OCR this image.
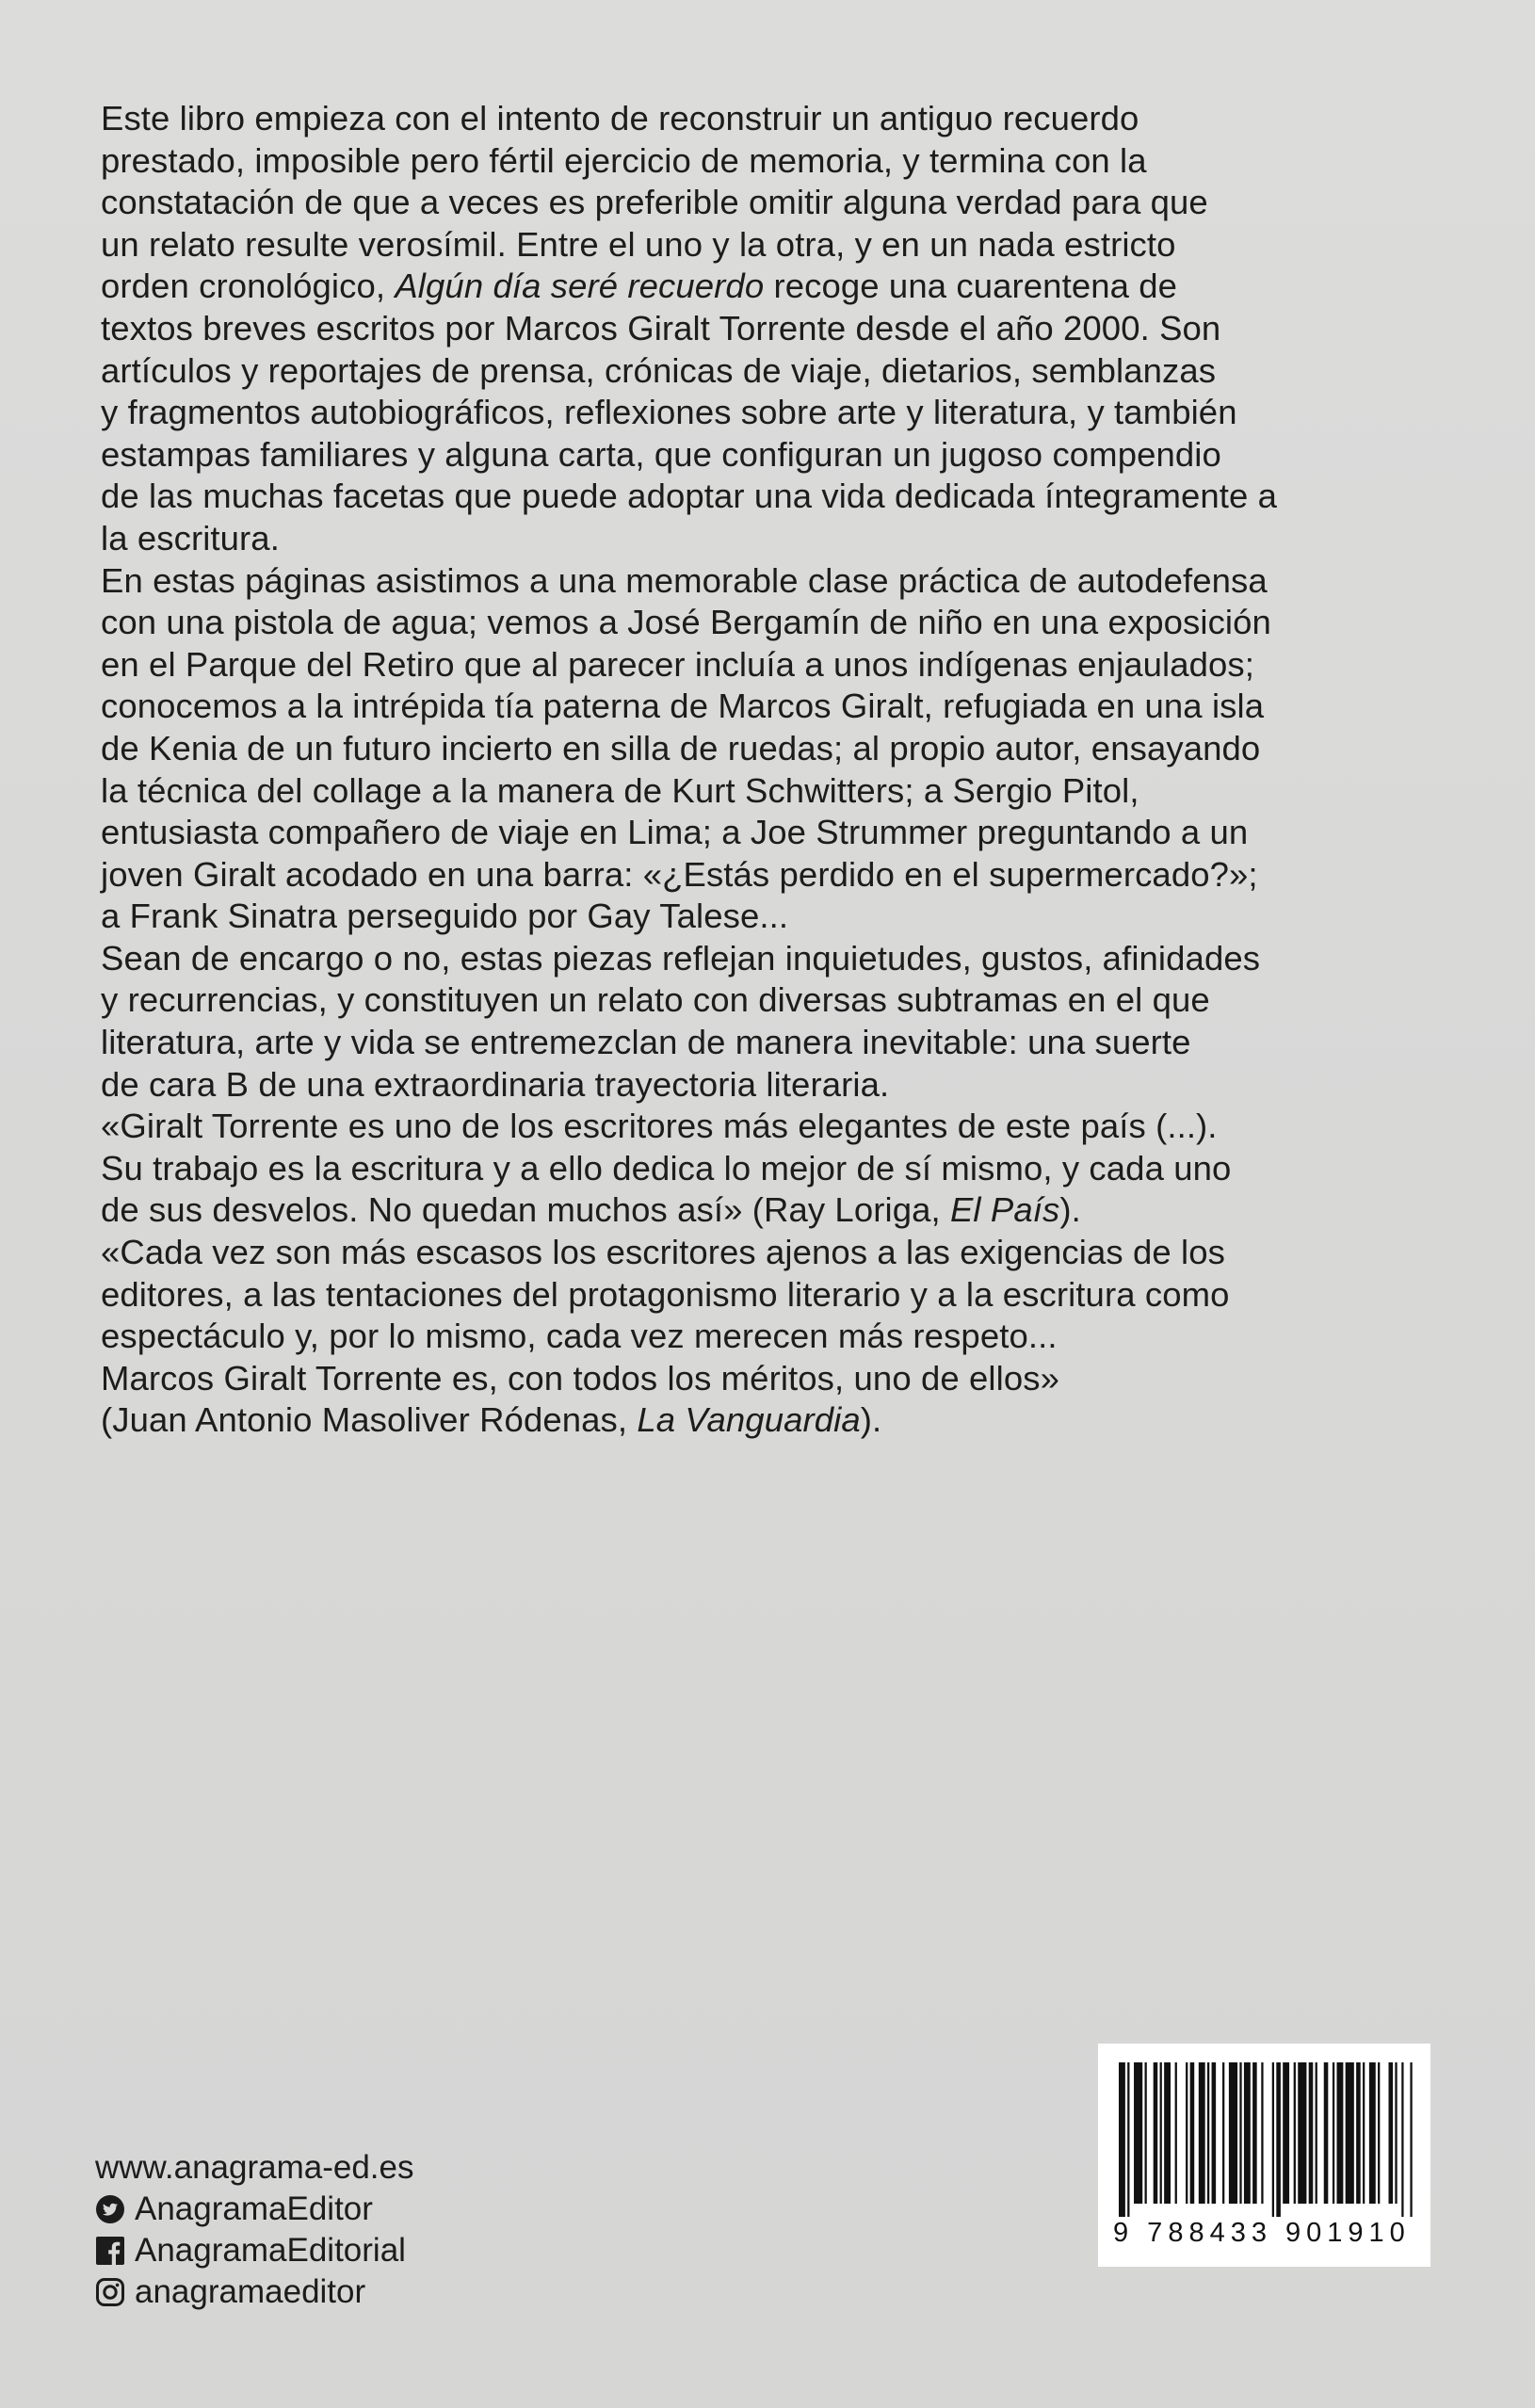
Este libro empieza con el intento de reconstruir un antiguo recuerdo
prestado, imposible pero fértil ejercicio de memoria, y termina con la
constatación de que a veces es preferible omitir alguna verdad para que
un relato resulte verosímil. Entre el uno y la otra, y en un nada estricto
orden cronológico, Algún día seré recuerdo recoge una cuarentena de
textos breves escritos por Marcos Giralt Torrente desde el año 2000. Son
artículos y reportajes de prensa, crónicas de viaje, dietarios, semblanzas
y fragmentos autobiográficos, reflexiones sobre arte y literatura, y también
estampas familiares y alguna carta, que configuran un jugoso compendio
de las muchas facetas que puede adoptar una vida dedicada íntegramente a
la escritura.

En estas páginas asistimos a una memorable clase práctica de autodefensa
con una pistola de agua; vemos a José Bergamín de niño en una exposición
en el Parque del Retiro que al parecer incluía a unos indígenas enjaulados;
conocemos a la intrépida tía paterna de Marcos Giralt, refugiada en una isla
de Kenia de un futuro incierto en silla de ruedas; al propio autor, ensayando
la técnica del collage a la manera de Kurt Schwitters; a Sergio Pitol,
entusiasta compañero de viaje en Lima; a Joe Strummer preguntando a un
joven Giralt acodado en una barra: «¿Estás perdido en el supermercado?»;
a Frank Sinatra perseguido por Gay Talese...

Sean de encargo o no, estas piezas reflejan inquietudes, gustos, afinidades
y recurrencias, y constituyen un relato con diversas subtramas en el que
literatura, arte y vida se entremezclan de manera inevitable: una suerte
de cara B de una extraordinaria trayectoria literaria.

«Giralt Torrente es uno de los escritores más elegantes de este país (...).
Su trabajo es la escritura y a ello dedica lo mejor de sí mismo, y cada uno
de sus desvelos. No quedan muchos así» (Ray Loriga, El País).

«Cada vez son más escasos los escritores ajenos a las exigencias de los
editores, a las tentaciones del protagonismo literario y a la escritura como
espectáculo y, por lo mismo, cada vez merecen más respeto...
Marcos Giralt Torrente es, con todos los méritos, uno de ellos»
(Juan Antonio Masoliver Ródenas, La Vanguardia).

www.anagrama-ed.es
AnagramaEditor
AnagramaEditorial
anagramaeditor
9 788433 901910
